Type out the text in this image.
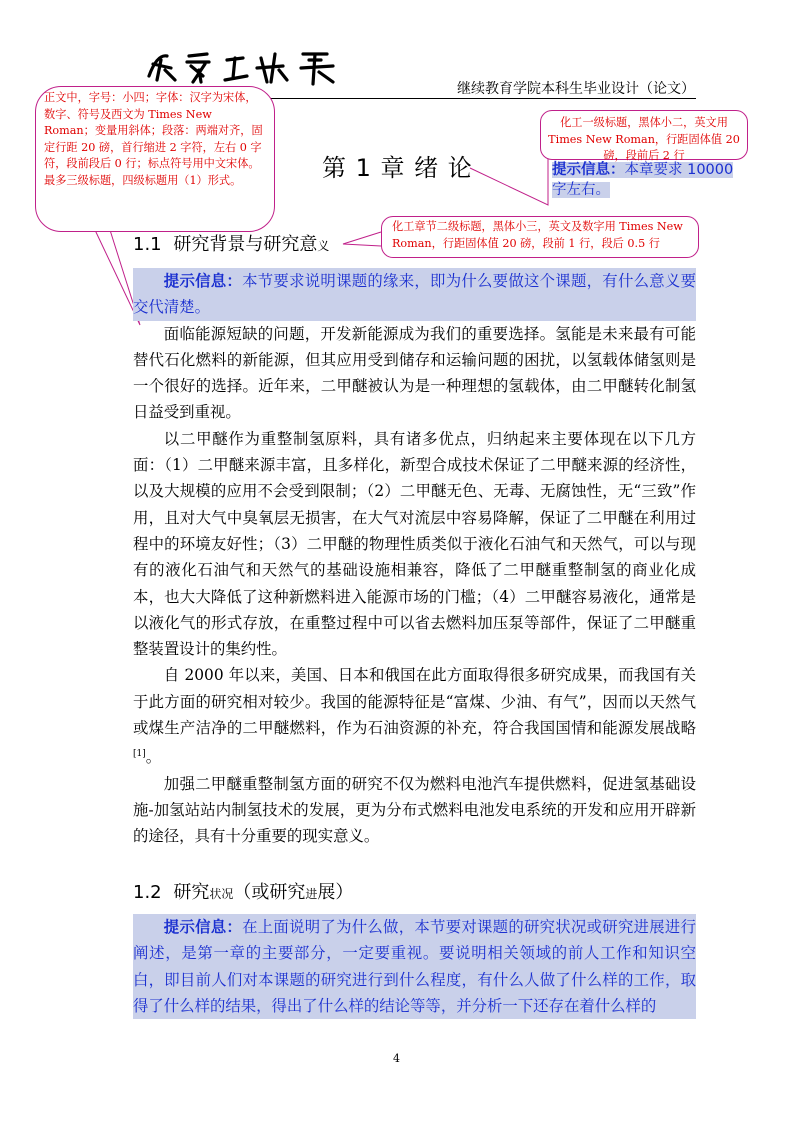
继续教育学院本科生毕业设计（论文）
正文中，字号：小四；字体：汉字为宋体，数字、符号及西文为 Times New Roman；变量用斜体；段落：两端对齐，固定行距 20 磅，首行缩进 2 字符，左右 0 字符，段前段后 0 行；标点符号用中文宋体。最多三级标题，四级标题用（1）形式。
化工一级标题，黑体小二，英文用 Times New Roman，行距固体值 20 磅，段前后 2 行
化工章节二级标题，黑体小三，英文及数字用 Times New Roman，行距固体值 20 磅，段前 1 行，段后 0.5 行
提示信息：本章要求 10000 字左右。
第 1 章 绪 论
1.1 研究背景与研究意义

提示信息：本节要求说明课题的缘来，即为什么要做这个课题，有什么意义要交代清楚。

面临能源短缺的问题，开发新能源成为我们的重要选择。氢能是未来最有可能替代石化燃料的新能源，但其应用受到储存和运输问题的困扰，以氢载体储氢则是一个很好的选择。近年来，二甲醚被认为是一种理想的氢载体，由二甲醚转化制氢日益受到重视。

以二甲醚作为重整制氢原料，具有诸多优点，归纳起来主要体现在以下几方面：（1）二甲醚来源丰富，且多样化，新型合成技术保证了二甲醚来源的经济性，以及大规模的应用不会受到限制；（2）二甲醚无色、无毒、无腐蚀性，无“三致”作用，且对大气中臭氧层无损害，在大气对流层中容易降解，保证了二甲醚在利用过程中的环境友好性；（3）二甲醚的物理性质类似于液化石油气和天然气，可以与现有的液化石油气和天然气的基础设施相兼容，降低了二甲醚重整制氢的商业化成本，也大大降低了这种新燃料进入能源市场的门槛；（4）二甲醚容易液化，通常是以液化气的形式存放，在重整过程中可以省去燃料加压泵等部件，保证了二甲醚重整装置设计的集约性。

自 2000 年以来，美国、日本和俄国在此方面取得很多研究成果，而我国有关于此方面的研究相对较少。我国的能源特征是“富煤、少油、有气”，因而以天然气或煤生产洁净的二甲醚燃料，作为石油资源的补充，符合我国国情和能源发展战略[1]。

加强二甲醚重整制氢方面的研究不仅为燃料电池汽车提供燃料，促进氢基础设施-加氢站站内制氢技术的发展，更为分布式燃料电池发电系统的开发和应用开辟新的途径，具有十分重要的现实意义。

1.2 研究状况（或研究进展）

提示信息：在上面说明了为什么做，本节要对课题的研究状况或研究进展进行阐述，是第一章的主要部分，一定要重视。要说明相关领域的前人工作和知识空白，即目前人们对本课题的研究进行到什么程度，有什么人做了什么样的工作，取得了什么样的结果，得出了什么样的结论等等，并分析一下还存在着什么样的

4
